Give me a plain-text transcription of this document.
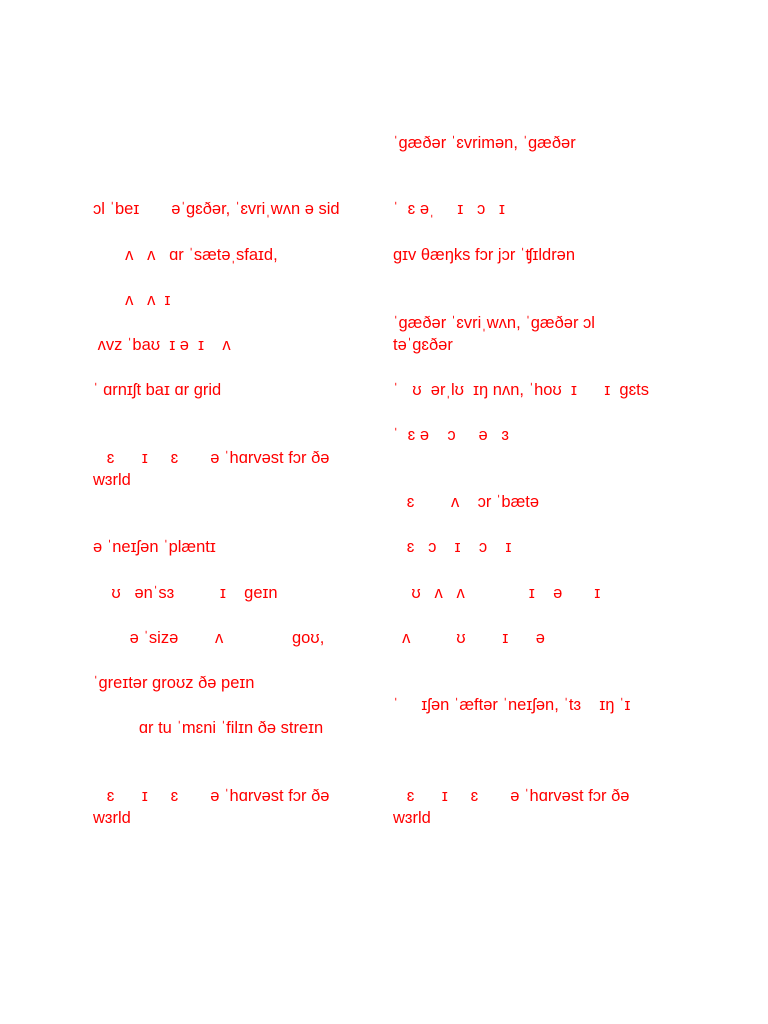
ɔl ˈbeɪ       əˈgɛðər, ˈɛvriˌwʌn ə sid
ʌ   ʌ   ɑr ˈsætəˌsfaɪd,
ʌ   ʌ  ɪ
ʌvz ˈbaʊ  ɪ ə  ɪ    ʌ
ˈ ɑrnɪʃt baɪ ɑr grid
ɛ      ɪ     ɛ       ə ˈhɑrvəst fɔr ðə
wɜrld
ə ˈneɪʃən ˈplæntɪ
ʊ   ənˈsɜ          ɪ    geɪn
ə ˈsizə        ʌ               goʊ,
ˈgreɪtər groʊz ðə peɪn
ɑr tu ˈmɛni ˈfilɪn ðə streɪn
ɛ      ɪ     ɛ       ə ˈhɑrvəst fɔr ðə
wɜrld
ˈgæðər ˈɛvrimən, ˈgæðər
ˈ  ɛ əˌ     ɪ   ɔ   ɪ
gɪv θæŋks fɔr jɔr ˈʧɪldrən
ˈgæðər ˈɛvriˌwʌn, ˈgæðər ɔl
təˈgɛðər
ˈ   ʊ  ərˌlʊ  ɪŋ nʌn, ˈhoʊ  ɪ      ɪ  gɛts
ˈ  ɛ ə    ɔ     ə   ɜ
ɛ        ʌ    ɔr ˈbætə
ɛ   ɔ    ɪ    ɔ    ɪ
ʊ   ʌ   ʌ              ɪ    ə       ɪ
ʌ          ʊ        ɪ      ə
ˈ     ɪʃən ˈæftər ˈneɪʃən, ˈtɜ    ɪŋ ˈɪ
ɛ      ɪ     ɛ       ə ˈhɑrvəst fɔr ðə
wɜrld
